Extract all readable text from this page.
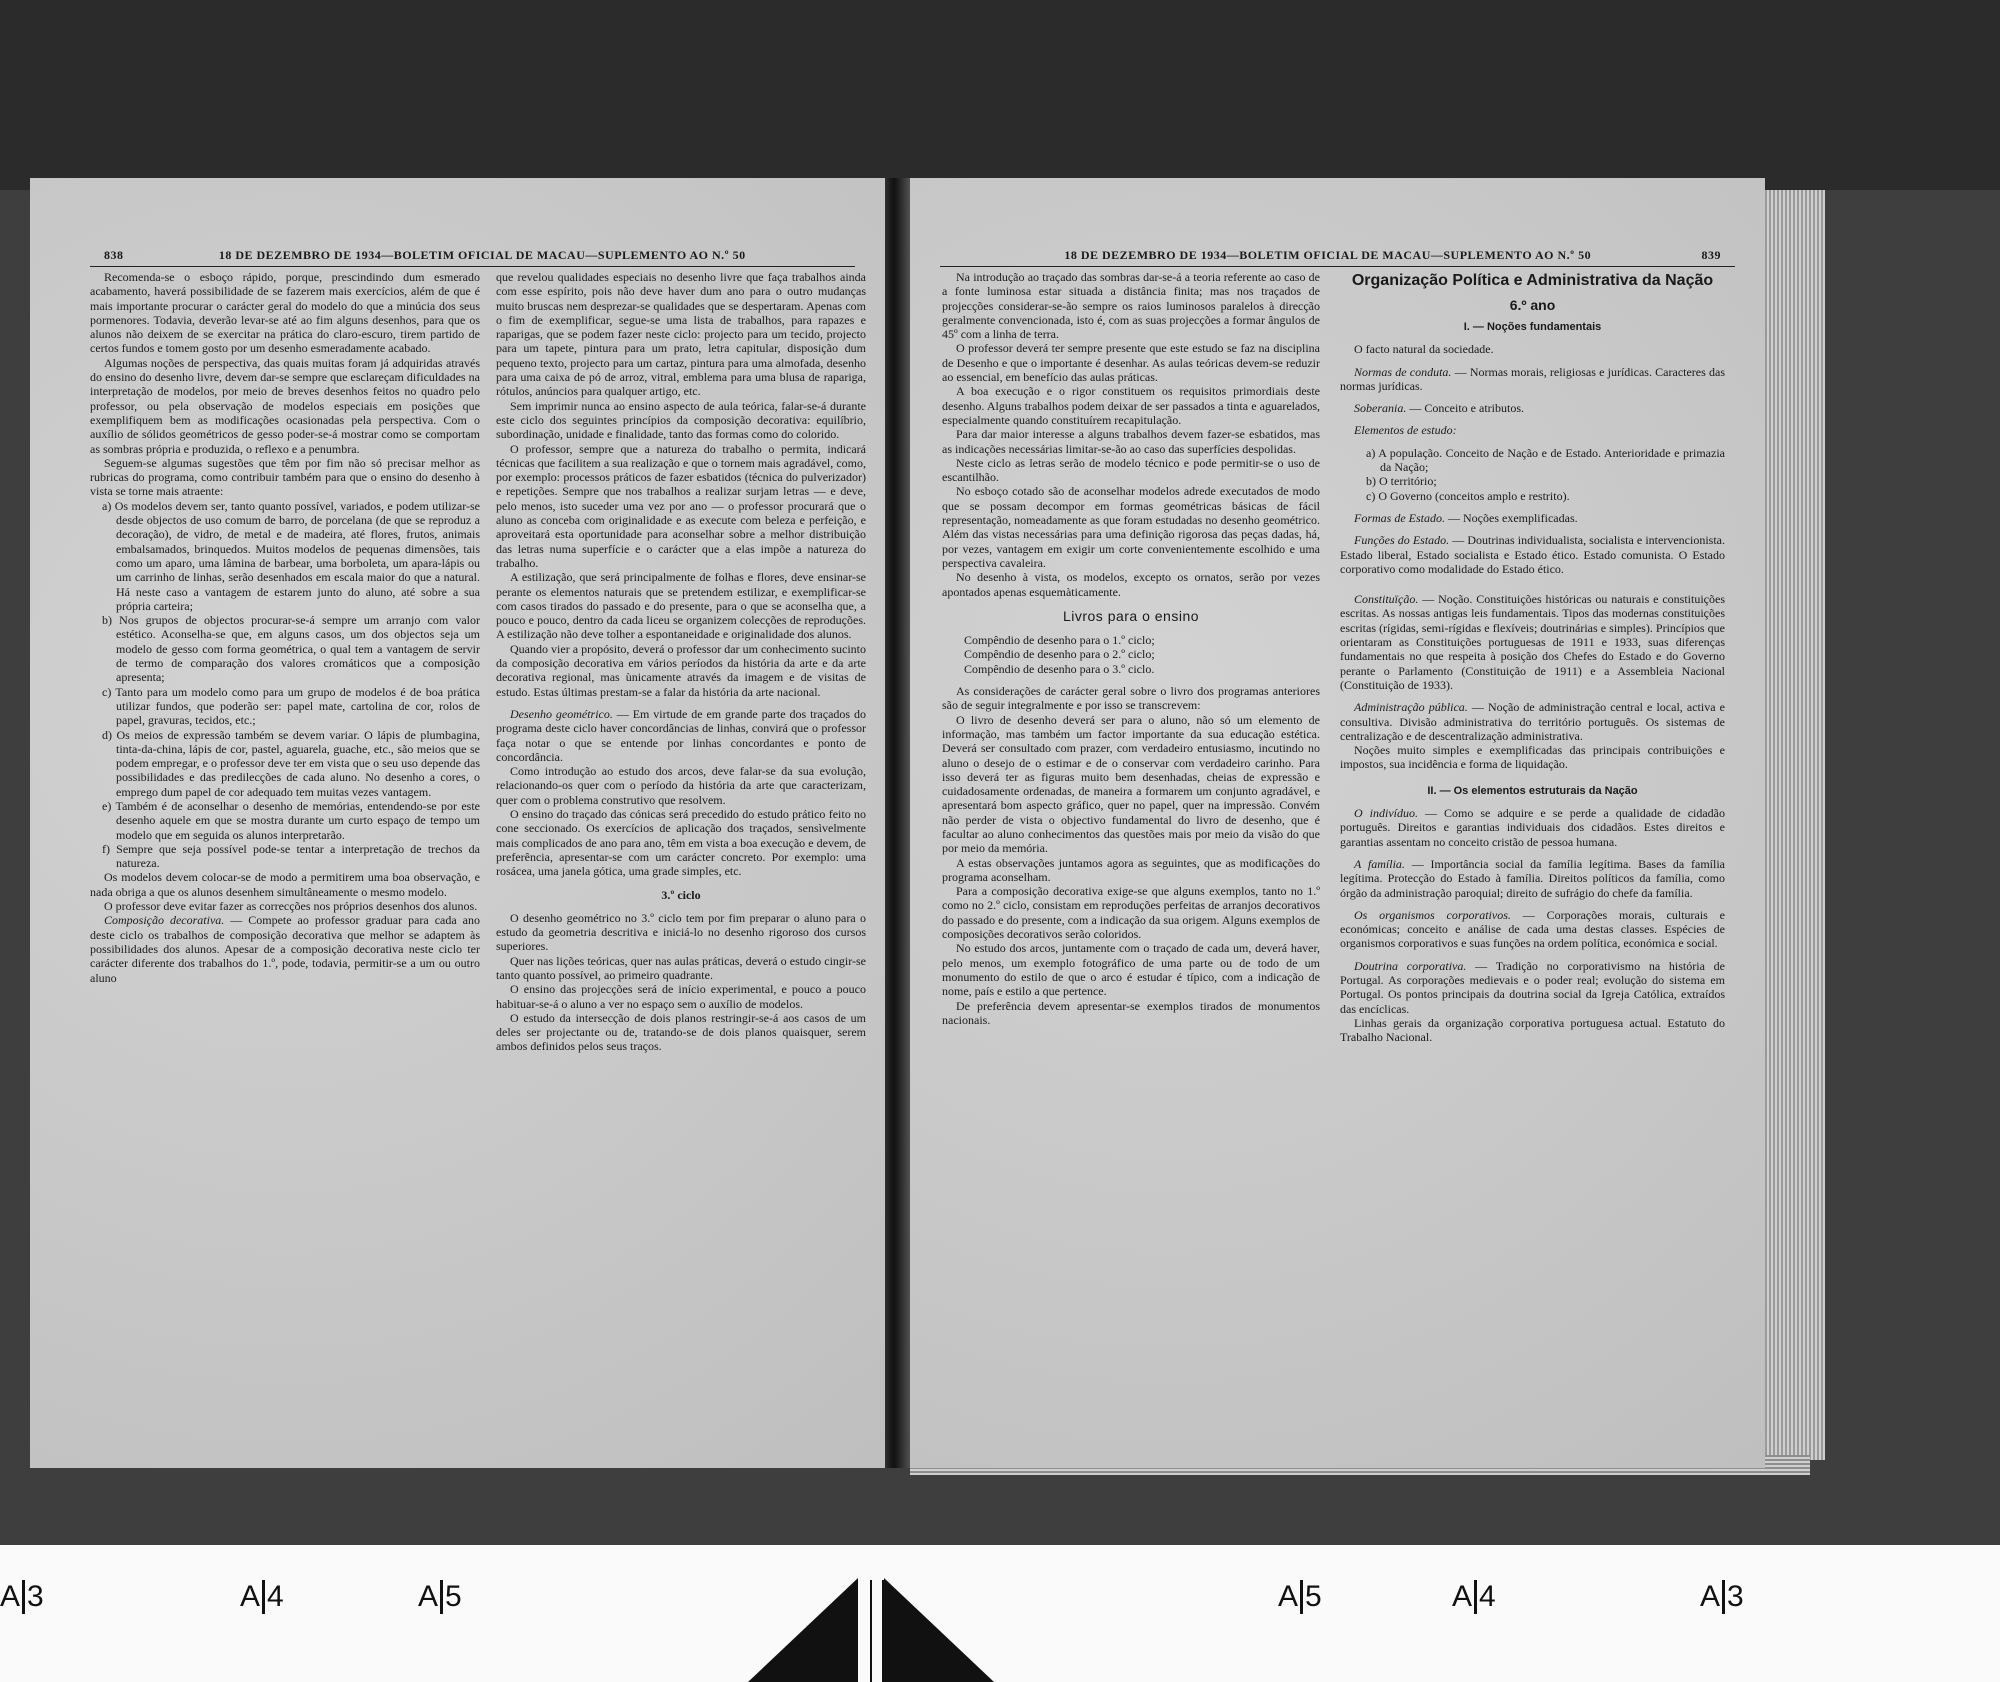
838	18 DE DEZEMBRO DE 1934—BOLETIM OFICIAL DE MACAU—SUPLEMENTO AO N.º 50

Recomenda-se o esboço rápido, porque, prescindindo dum esmerado acabamento, haverá possibilidade de se fazerem mais exercícios, além de que é mais importante procurar o carácter geral do modelo do que a minúcia dos seus pormenores. Todavia, deverão levar-se até ao fim alguns desenhos, para que os alunos não deixem de se exercitar na prática do claro-escuro, tirem partido de certos fundos e tomem gosto por um desenho esmeradamente acabado.

Algumas noções de perspectiva, das quais muitas foram já adquiridas através do ensino do desenho livre, devem dar-se sempre que esclareçam dificuldades na interpretação de modelos, por meio de breves desenhos feitos no quadro pelo professor, ou pela observação de modelos especiais em posições que exemplifiquem bem as modificações ocasionadas pela perspectiva. Com o auxílio de sólidos geométricos de gesso poder-se-á mostrar como se comportam as sombras própria e produzida, o reflexo e a penumbra.

Seguem-se algumas sugestões que têm por fim não só precisar melhor as rubricas do programa, como contribuir também para que o ensino do desenho à vista se torne mais atraente:

a) Os modelos devem ser, tanto quanto possível, variados, e podem utilizar-se desde objectos de uso comum de barro, de porcelana (de que se reproduz a decoração), de vidro, de metal e de madeira, até flores, frutos, animais embalsamados, brinquedos. Muitos modelos de pequenas dimensões, tais como um aparo, uma lâmina de barbear, uma borboleta, um apara-lápis ou um carrinho de linhas, serão desenhados em escala maior do que a natural. Há neste caso a vantagem de estarem junto do aluno, até sobre a sua própria carteira;

b) Nos grupos de objectos procurar-se-á sempre um arranjo com valor estético. Aconselha-se que, em alguns casos, um dos objectos seja um modelo de gesso com forma geométrica, o qual tem a vantagem de servir de termo de comparação dos valores cromáticos que a composição apresenta;

c) Tanto para um modelo como para um grupo de modelos é de boa prática utilizar fundos, que poderão ser: papel mate, cartolina de cor, rolos de papel, gravuras, tecidos, etc.;

d) Os meios de expressão também se devem variar. O lápis de plumbagina, tinta-da-china, lápis de cor, pastel, aguarela, guache, etc., são meios que se podem empregar, e o professor deve ter em vista que o seu uso depende das possibilidades e das predilecções de cada aluno. No desenho a cores, o emprego dum papel de cor adequado tem muitas vezes vantagem.

e) Também é de aconselhar o desenho de memórias, entendendo-se por este desenho aquele em que se mostra durante um curto espaço de tempo um modelo que em seguida os alunos interpretarão.

f) Sempre que seja possível pode-se tentar a interpretação de trechos da natureza.

Os modelos devem colocar-se de modo a permitirem uma boa observação, e nada obriga a que os alunos desenhem simultâneamente o mesmo modelo.

O professor deve evitar fazer as correcções nos próprios desenhos dos alunos.

Composição decorativa. — Compete ao professor graduar para cada ano deste ciclo os trabalhos de composição decorativa que melhor se adaptem às possibilidades dos alunos. Apesar de a composição decorativa neste ciclo ter carácter diferente dos trabalhos do 1.º, pode, todavia, permitir-se a um ou outro aluno

que revelou qualidades especiais no desenho livre que faça trabalhos ainda com esse espírito, pois não deve haver dum ano para o outro mudanças muito bruscas nem desprezar-se qualidades que se despertaram. Apenas com o fim de exemplificar, segue-se uma lista de trabalhos, para rapazes e raparigas, que se podem fazer neste ciclo: projecto para um tecido, projecto para um tapete, pintura para um prato, letra capitular, disposição dum pequeno texto, projecto para um cartaz, pintura para uma almofada, desenho para uma caixa de pó de arroz, vitral, emblema para uma blusa de rapariga, rótulos, anúncios para qualquer artigo, etc.

Sem imprimir nunca ao ensino aspecto de aula teórica, falar-se-á durante este ciclo dos seguintes princípios da composição decorativa: equilíbrio, subordinação, unidade e finalidade, tanto das formas como do colorido.

O professor, sempre que a natureza do trabalho o permita, indicará técnicas que facilitem a sua realização e que o tornem mais agradável, como, por exemplo: processos práticos de fazer esbatidos (técnica do pulverizador) e repetições. Sempre que nos trabalhos a realizar surjam letras — e deve, pelo menos, isto suceder uma vez por ano — o professor procurará que o aluno as conceba com originalidade e as execute com beleza e perfeição, e aproveitará esta oportunidade para aconselhar sobre a melhor distribuição das letras numa superfície e o carácter que a elas impõe a natureza do trabalho.

A estilização, que será principalmente de folhas e flores, deve ensinar-se perante os elementos naturais que se pretendem estilizar, e exemplificar-se com casos tirados do passado e do presente, para o que se aconselha que, a pouco e pouco, dentro da cada liceu se organizem colecções de reproduções. A estilização não deve tolher a espontaneidade e originalidade dos alunos.

Quando vier a propósito, deverá o professor dar um conhecimento sucinto da composição decorativa em vários períodos da história da arte e da arte decorativa regional, mas ùnicamente através da imagem e de visitas de estudo. Estas últimas prestam-se a falar da história da arte nacional.

Desenho geométrico. — Em virtude de em grande parte dos traçados do programa deste ciclo haver concordâncias de linhas, convirá que o professor faça notar o que se entende por linhas concordantes e ponto de concordância.

Como introdução ao estudo dos arcos, deve falar-se da sua evolução, relacionando-os quer com o período da história da arte que caracterizam, quer com o problema construtivo que resolvem.

O ensino do traçado das cónicas será precedido do estudo prático feito no cone seccionado. Os exercícios de aplicação dos traçados, sensìvelmente mais complicados de ano para ano, têm em vista a boa execução e devem, de preferência, apresentar-se com um carácter concreto. Por exemplo: uma rosácea, uma janela gótica, uma grade simples, etc.

3.º ciclo

O desenho geométrico no 3.º ciclo tem por fim preparar o aluno para o estudo da geometria descritiva e iniciá-lo no desenho rigoroso dos cursos superiores.

Quer nas lições teóricas, quer nas aulas práticas, deverá o estudo cingir-se tanto quanto possível, ao primeiro quadrante.

O ensino das projecções será de início experimental, e pouco a pouco habituar-se-á o aluno a ver no espaço sem o auxílio de modelos.

O estudo da intersecção de dois planos restringir-se-á aos casos de um deles ser projectante ou de, tratando-se de dois planos quaisquer, serem ambos definidos pelos seus traços.

18 DE DEZEMBRO DE 1934—BOLETIM OFICIAL DE MACAU—SUPLEMENTO AO N.º 50	839

Na introdução ao traçado das sombras dar-se-á a teoria referente ao caso de a fonte luminosa estar situada a distância finita; mas nos traçados de projecções considerar-se-ão sempre os raios luminosos paralelos à direcção geralmente convencionada, isto é, com as suas projecções a formar ângulos de 45º com a linha de terra.

O professor deverá ter sempre presente que este estudo se faz na disciplina de Desenho e que o importante é desenhar. As aulas teóricas devem-se reduzir ao essencial, em benefício das aulas práticas.

A boa execução e o rigor constituem os requisitos primordiais deste desenho. Alguns trabalhos podem deixar de ser passados a tinta e aguarelados, especialmente quando constituírem recapitulação.

Para dar maior interesse a alguns trabalhos devem fazer-se esbatidos, mas as indicações necessárias limitar-se-ão ao caso das superfícies despolidas.

Neste ciclo as letras serão de modelo técnico e pode permitir-se o uso de escantilhão.

No esboço cotado são de aconselhar modelos adrede executados de modo que se possam decompor em formas geométricas básicas de fácil representação, nomeadamente as que foram estudadas no desenho geométrico. Além das vistas necessárias para uma definição rigorosa das peças dadas, há, por vezes, vantagem em exigir um corte convenientemente escolhido e uma perspectiva cavaleira.

No desenho à vista, os modelos, excepto os ornatos, serão por vezes apontados apenas esquemàticamente.

Livros para o ensino

Compêndio de desenho para o 1.º ciclo;

Compêndio de desenho para o 2.º ciclo;

Compêndio de desenho para o 3.º ciclo.

As considerações de carácter geral sobre o livro dos programas anteriores são de seguir integralmente e por isso se transcrevem:

O livro de desenho deverá ser para o aluno, não só um elemento de informação, mas também um factor importante da sua educação estética. Deverá ser consultado com prazer, com verdadeiro entusiasmo, incutindo no aluno o desejo de o estimar e de o conservar com verdadeiro carinho. Para isso deverá ter as figuras muito bem desenhadas, cheias de expressão e cuidadosamente ordenadas, de maneira a formarem um conjunto agradável, e apresentará bom aspecto gráfico, quer no papel, quer na impressão. Convém não perder de vista o objectivo fundamental do livro de desenho, que é facultar ao aluno conhecimentos das questões mais por meio da visão do que por meio da memória.

A estas observações juntamos agora as seguintes, que as modificações do programa aconselham.

Para a composição decorativa exige-se que alguns exemplos, tanto no 1.º como no 2.º ciclo, consistam em reproduções perfeitas de arranjos decorativos do passado e do presente, com a indicação da sua origem. Alguns exemplos de composições decorativos serão coloridos.

No estudo dos arcos, juntamente com o traçado de cada um, deverá haver, pelo menos, um exemplo fotográfico de uma parte ou de todo de um monumento do estilo de que o arco é estudar é típico, com a indicação de nome, país e estilo a que pertence.

De preferência devem apresentar-se exemplos tirados de monumentos nacionais.

Organização Política e Administrativa da Nação

6.º ano

I. — Noções fundamentais

O facto natural da sociedade.

Normas de conduta. — Normas morais, religiosas e jurídicas. Caracteres das normas jurídicas.

Soberania. — Conceito e atributos.

Elementos de estudo:

a) A população. Conceito de Nação e de Estado. Anterioridade e primazia da Nação;

b) O território;

c) O Governo (conceitos amplo e restrito).

Formas de Estado. — Noções exemplificadas.

Funções do Estado. — Doutrinas individualista, socialista e intervencionista. Estado liberal, Estado socialista e Estado ético. Estado comunista. O Estado corporativo como modalidade do Estado ético.

Constituïção. — Noção. Constituições históricas ou naturais e constituições escritas. As nossas antigas leis fundamentais. Tipos das modernas constituições escritas (rígidas, semi-rígidas e flexíveis; doutrinárias e simples). Princípios que orientaram as Constituições portuguesas de 1911 e 1933, suas diferenças fundamentais no que respeita à posição dos Chefes do Estado e do Governo perante o Parlamento (Constituição de 1911) e a Assembleia Nacional (Constituição de 1933).

Administração pública. — Noção de administração central e local, activa e consultiva. Divisão administrativa do território português. Os sistemas de centralização e de descentralização administrativa.

Noções muito simples e exemplificadas das principais contribuições e impostos, sua incidência e forma de liquidação.

II. — Os elementos estruturais da Nação

O indivíduo. — Como se adquire e se perde a qualidade de cidadão português. Direitos e garantias individuais dos cidadãos. Estes direitos e garantias assentam no conceito cristão de pessoa humana.

A família. — Importância social da família legítima. Bases da família legítima. Protecção do Estado à família. Direitos políticos da família, como órgão da administração paroquial; direito de sufrágio do chefe da família.

Os organismos corporativos. — Corporações morais, culturais e económicas; conceito e análise de cada uma destas classes. Espécies de organismos corporativos e suas funções na ordem política, económica e social.

Doutrina corporativa. — Tradição no corporativismo na história de Portugal. As corporações medievais e o poder real; evolução do sistema em Portugal. Os pontos principais da doutrina social da Igreja Católica, extraídos das encíclicas.

Linhas gerais da organização corporativa portuguesa actual. Estatuto do Trabalho Nacional.

A 3	A 4	A 5	A 5	A 4	A 3
